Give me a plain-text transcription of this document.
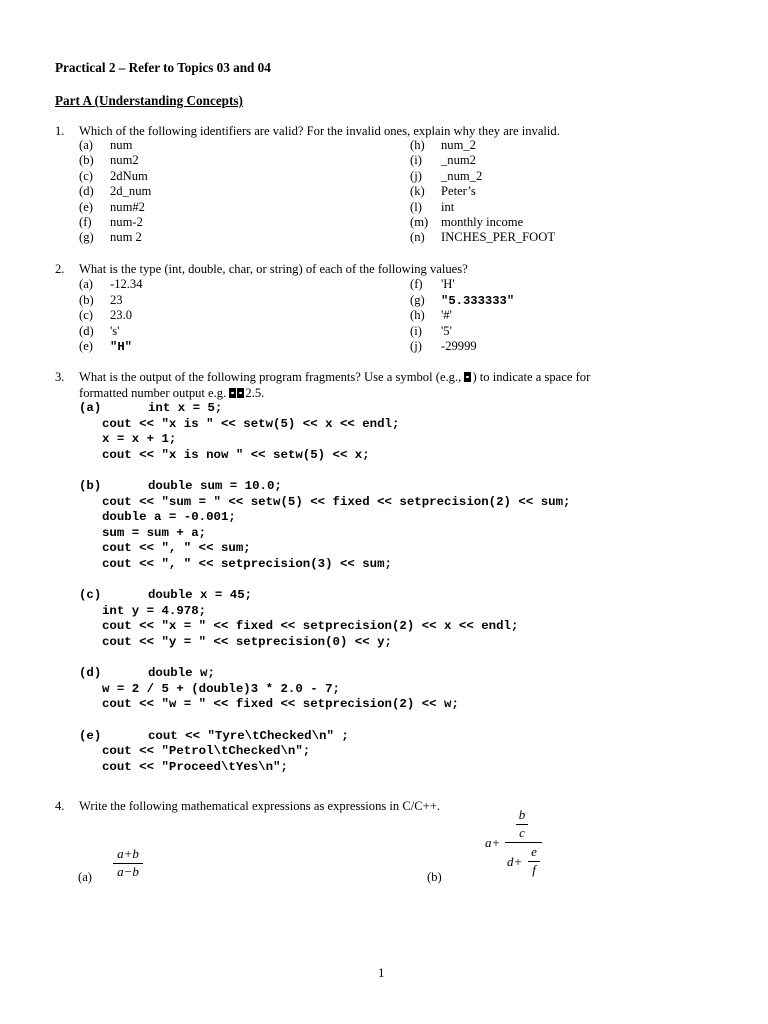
Practical 2 – Refer to Topics 03 and 04
Part A (Understanding Concepts)
1. Which of the following identifiers are valid? For the invalid ones, explain why they are invalid.
(a) num
(b) num2
(c) 2dNum
(d) 2d_num
(e) num#2
(f) num-2
(g) num 2
(h) num_2
(i) _num2
(j) _num_2
(k) Peter’s
(l) int
(m) monthly income
(n) INCHES_PER_FOOT
2. What is the type (int, double, char, or string) of each of the following values?
(a) -12.34
(b) 23
(c) 23.0
(d) 's'
(e) "H"
(f) 'H'
(g) "5.333333"
(h) '#'
(i) '5'
(j) -29999
3. What is the output of the following program fragments? Use a symbol (e.g., ) to indicate a space for
formatted number output e.g. 2.5.
(a)	int x = 5;
cout << "x is " << setw(5) << x << endl;
x = x + 1;
cout << "x is now " << setw(5) << x;
(b)	double sum = 10.0;
cout << "sum = " << setw(5) << fixed << setprecision(2) << sum;
double a = -0.001;
sum = sum + a;
cout << ", " << sum;
cout << ", " << setprecision(3) << sum;
(c)	double x = 45;
int y = 4.978;
cout << "x = " << fixed << setprecision(2) << x << endl;
cout << "y = " << setprecision(0) << y;
(d)	double w;
w = 2 / 5 + (double)3 * 2.0 - 7;
cout << "w = " << fixed << setprecision(2) << w;
(e)	cout << "Tyre\tChecked\n" ;
cout << "Petrol\tChecked\n";
cout << "Proceed\tYes\n";
4. Write the following mathematical expressions as expressions in C/C++.
(a)
a+b
a−b	(b)
a+
b
c
d+
e
f
1
